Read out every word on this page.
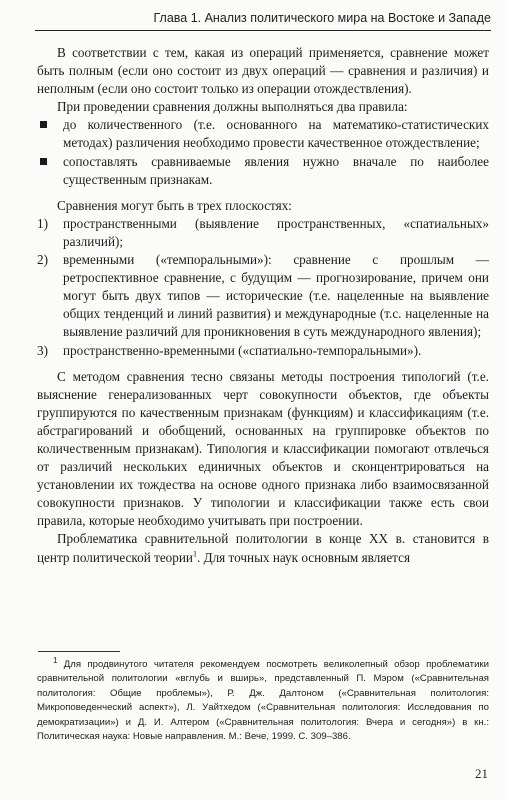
Глава 1. Анализ политического мира на Востоке и Западе

В соответствии с тем, какая из операций применяется, сравнение может быть полным (если оно состоит из двух операций — сравнения и различия) и неполным (если оно состоит только из операции отождествления).

При проведении сравнения должны выполняться два правила:

до количественного (т.е. основанного на математико-статистических методах) различения необходимо провести качественное отождествление;
сопоставлять сравниваемые явления нужно вначале по наиболее существенным признакам.

Сравнения могут быть в трех плоскостях:

1) пространственными (выявление пространственных, «спатиальных» различий);
2) временными («темпоральными»): сравнение с прошлым — ретроспективное сравнение, с будущим — прогнозирование, причем они могут быть двух типов — исторические (т.е. нацеленные на выявление общих тенденций и линий развития) и международные (т.с. нацеленные на выявление различий для проникновения в суть международного явления);
3) пространственно-временными («спатиально-темпоральными»).

С методом сравнения тесно связаны методы построения типологий (т.е. выяснение генерализованных черт совокупности объектов, где объекты группируются по качественным признакам (функциям) и классификациям (т.е. абстрагирований и обобщений, основанных на группировке объектов по количественным признакам). Типология и классификации помогают отвлечься от различий нескольких единичных объектов и сконцентрироваться на установлении их тождества на основе одного признака либо взаимосвязанной совокупности признаков. У типологии и классификации также есть свои правила, которые необходимо учитывать при построении.

Проблематика сравнительной политологии в конце XX в. становится в центр политической теории$^1$. Для точных наук основным является

$^1$ Для продвинутого читателя рекомендуем посмотреть великолепный обзор проблематики сравнительной политологии «вглубь и вширь», представленный П. Мэром («Сравнительная политология: Общие проблемы»), Р. Дж. Далтоном («Сравнительная политология: Микроповеденческий аспект»), Л. Уайтхедом («Сравнительная политология: Исследования по демократизации») и Д. И. Алтером («Сравнительная политология: Вчера и сегодня») в кн.: Политическая наука: Новые направления. М.: Вече, 1999. С. 309–386.
21
